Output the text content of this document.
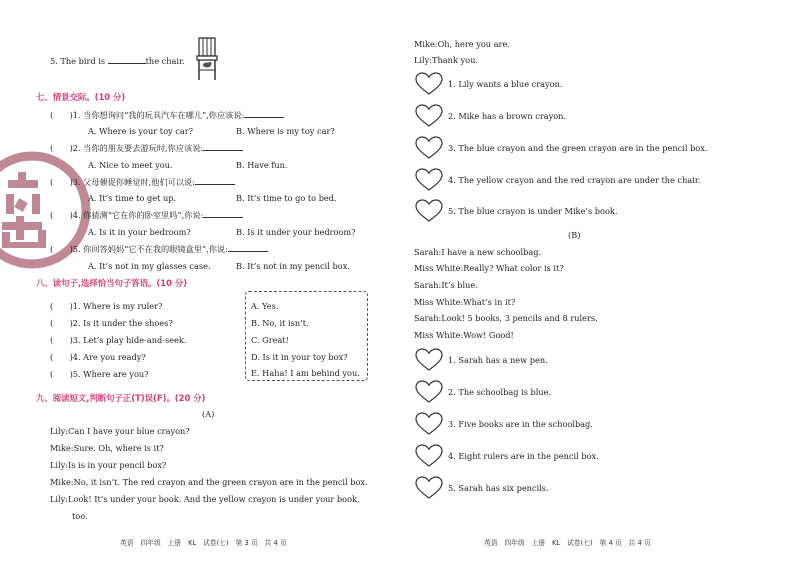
5. The bird is	the chair.
七、情景交际。(10 分)
(　　)1. 当你想询问“我的玩具汽车在哪儿”,你应该说:
A. Where is your toy car?	B. Where is my toy car?
(　　)2. 当你的朋友要去游玩时,你应该说:
A. Nice to meet you.	B. Have fun.
(　　)3. 父母催促你睡觉时,他们可以说:
A. It’s time to get up.	B. It’s time to go to bed.
(　　)4. 你猜测“它在你的卧室里吗”,你说:
A. Is it in your bedroom?	B. Is it under your bedroom?
(　　)5. 你回答妈妈“它不在我的眼镜盒里”,你说:
A. It’s not in my glasses case.	B. It’s not in my pencil box.
八、读句子,选择恰当句子答语。(10 分)
(　　)1. Where is my ruler?
(　　)2. Is it under the shoes?
(　　)3. Let’s play hide-and-seek.
(　　)4. Are you ready?
(　　)5. Where are you?
A. Yes.
B. No, it isn’t.
C. Great!
D. Is it in your toy box?
E. Haha! I am behind you.
九、阅读短文,判断句子正(T)误(F)。(20 分)
(A)
Lily:Can I have your blue crayon?
Mike:Sure. Oh, where is it?
Lily:Is is in your pencil box?
Mike:No, it isn’t. The red crayon and the green crayon are in the pencil box.
Lily:Look! It’s under your book. And the yellow crayon is under your book,
too.
英语　四年级　上册　KL　试卷(七)　第 3 页　共 4 页
Mike:Oh, here you are.
Lily:Thank you.
1. Lily wants a blue crayon.
2. Mike has a brown crayon.
3. The blue crayon and the green crayon are in the pencil box.
4. The yellow crayon and the red crayon are under the chair.
5. The blue crayon is under Mike’s book.
(B)
Sarah:I have a new schoolbag.
Miss White:Really? What color is it?
Sarah:It’s blue.
Miss White:What’s in it?
Sarah:Look! 5 books, 3 pencils and 8 rulers.
Miss White:Wow! Good!
1. Sarah has a new pen.
2. The schoolbag is blue.
3. Five books are in the schoolbag.
4. Eight rulers are in the pencil box.
5. Sarah has six pencils.
英语　四年级　上册　KL　试卷(七)　第 4 页　共 4 页
